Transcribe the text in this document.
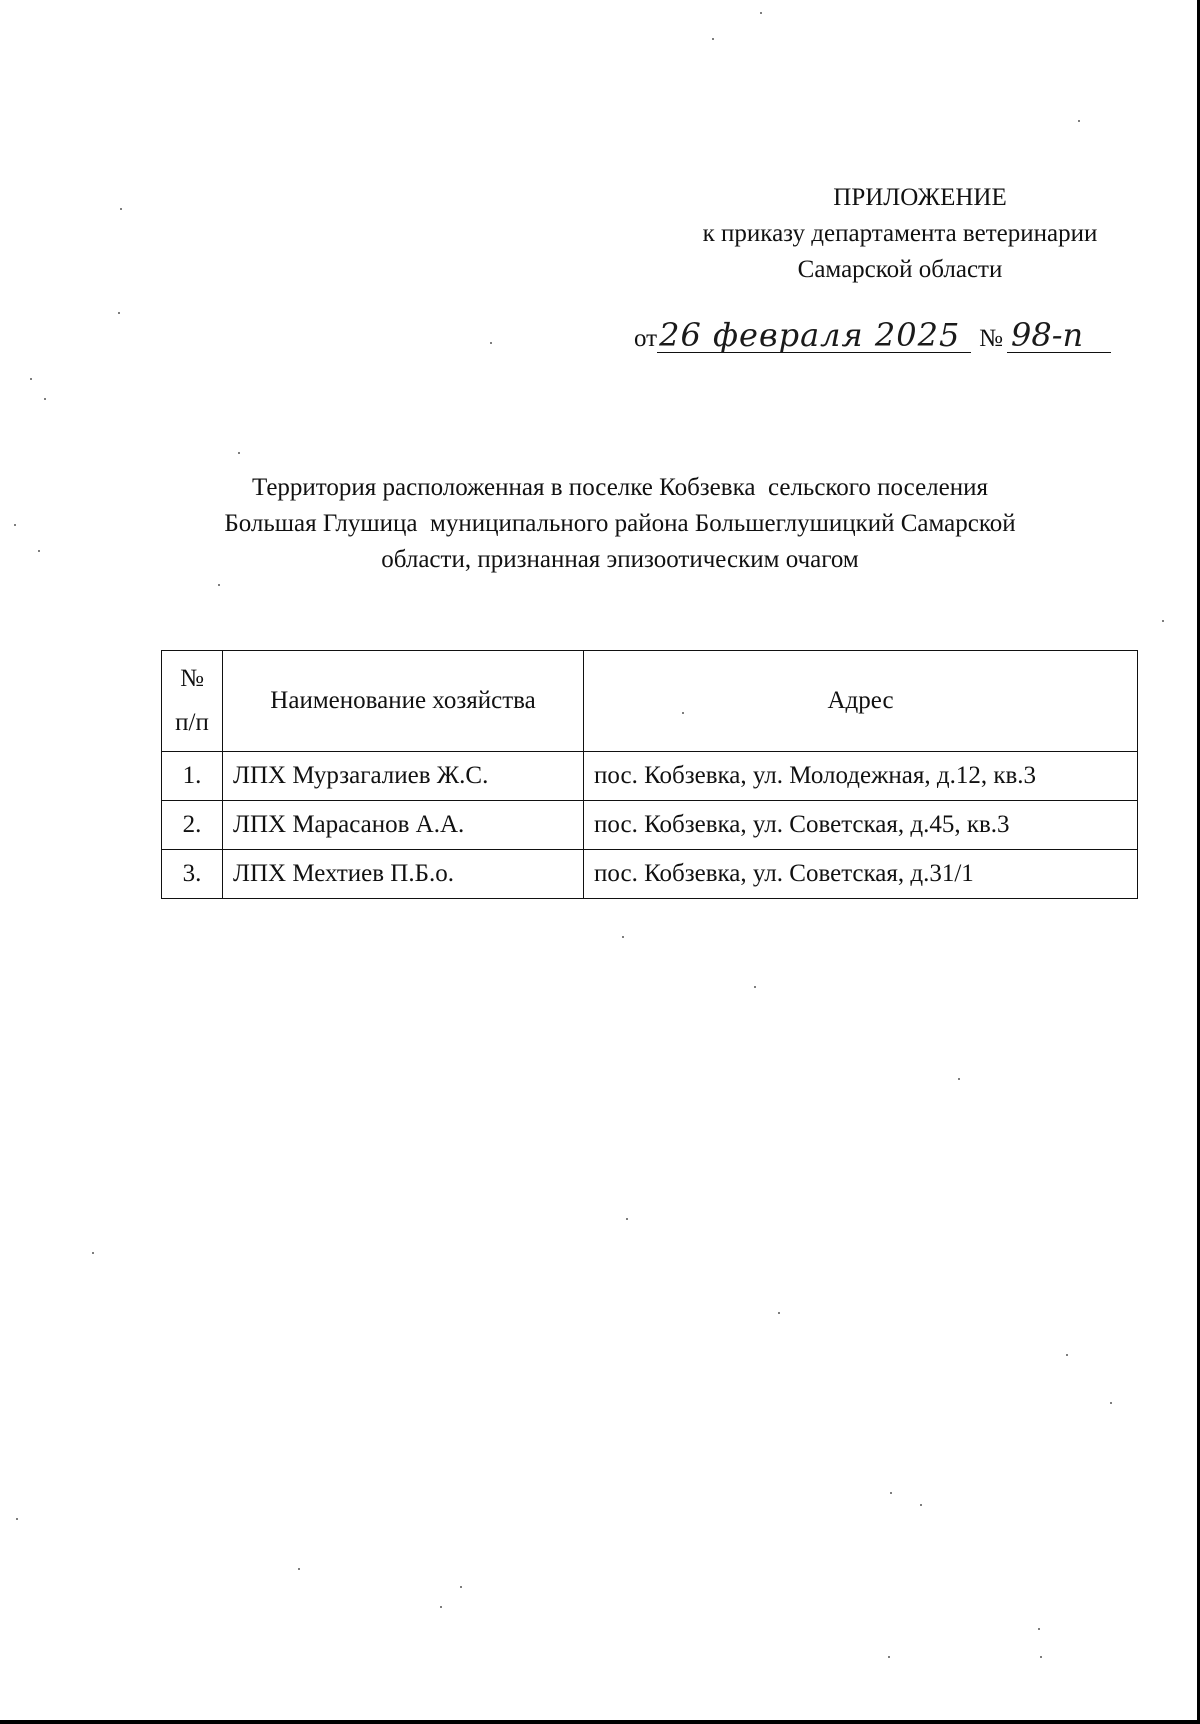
ПРИЛОЖЕНИЕ
к приказу департамента ветеринарии
Самарской области
от26 февраля 2025 № 98-п
Территория расположенная в поселке Кобзевка  сельского поселения
Большая Глушица  муниципального района Большеглушицкий Самарской
области, признанная эпизоотическим очагом
№
п/п	Наименование хозяйства	Адрес
1.	ЛПХ Мурзагалиев Ж.С.	пос. Кобзевка, ул. Молодежная, д.12, кв.3
2.	ЛПХ Марасанов А.А.	пос. Кобзевка, ул. Советская, д.45, кв.3
3.	ЛПХ Мехтиев П.Б.о.	пос. Кобзевка, ул. Советская, д.31/1
